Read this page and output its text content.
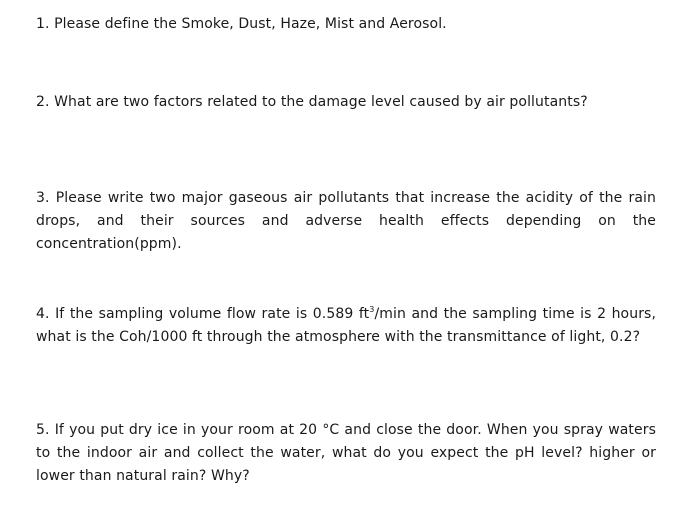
1. Please define the Smoke, Dust, Haze, Mist and Aerosol.
2. What are two factors related to the damage level caused by air pollutants?
3. Please write two major gaseous air pollutants that increase the acidity of the rain drops, and their sources and adverse health effects depending on the concentration(ppm).
4. If the sampling volume flow rate is 0.589 $ft^3/\min$ and the sampling time is 2 hours, what is the Coh/1000 ft through the atmosphere with the transmittance of light, 0.2?
5. If you put dry ice in your room at 20 °C and close the door. When you spray waters to the indoor air and collect the water, what do you expect the pH level? higher or lower than natural rain? Why?
